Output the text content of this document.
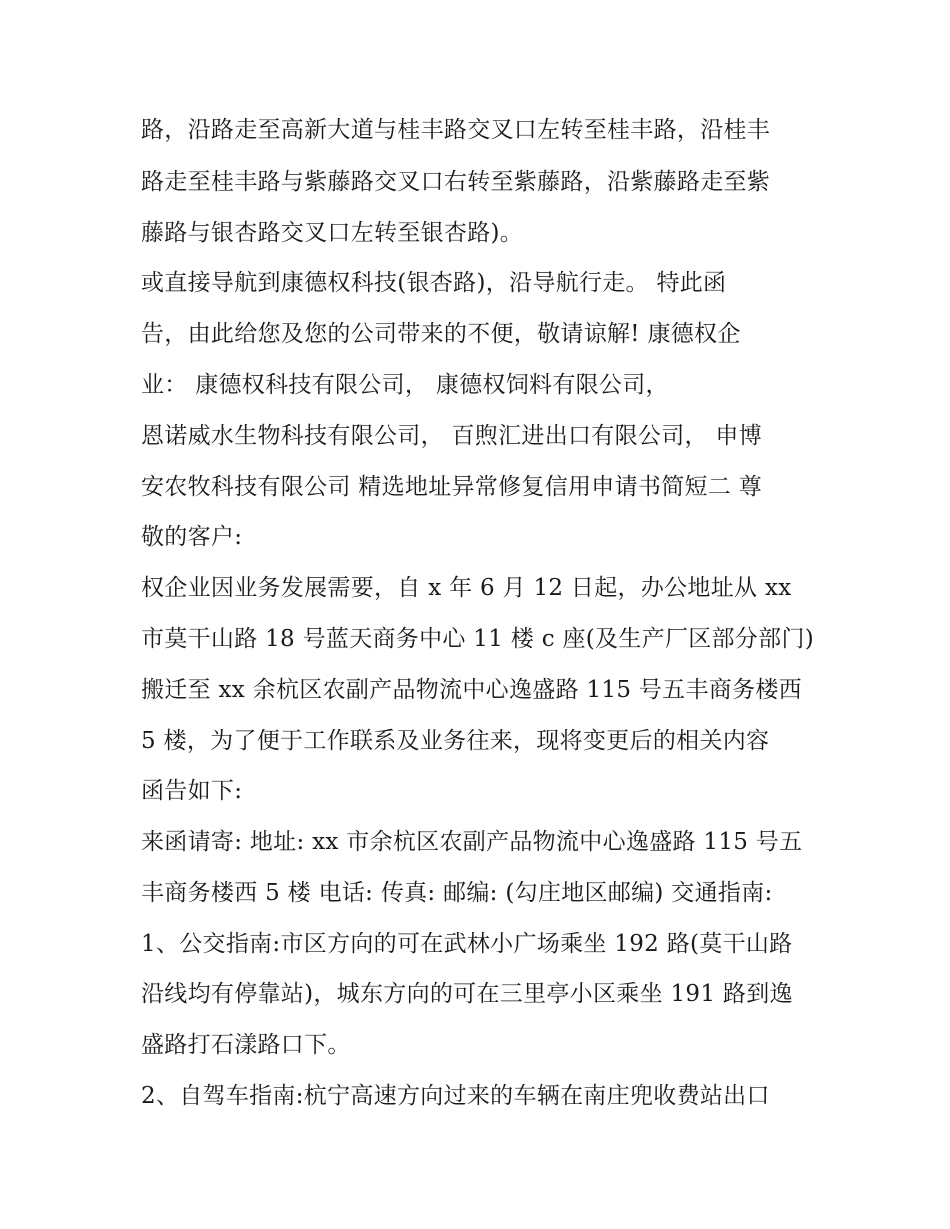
路，沿路走至高新大道与桂丰路交叉口左转至桂丰路，沿桂丰
路走至桂丰路与紫藤路交叉口右转至紫藤路，沿紫藤路走至紫
藤路与银杏路交叉口左转至银杏路)。
或直接导航到康德权科技(银杏路)，沿导航行走。 特此函
告，由此给您及您的公司带来的不便，敬请谅解! 康德权企
业： 康德权科技有限公司， 康德权饲料有限公司，
恩诺威水生物科技有限公司， 百煦汇进出口有限公司， 申博
安农牧科技有限公司 精选地址异常修复信用申请书简短二 尊
敬的客户:
权企业因业务发展需要，自 x 年 6 月 12 日起，办公地址从 xx
市莫干山路 18 号蓝天商务中心 11 楼 c 座(及生产厂区部分部门)
搬迁至 xx 余杭区农副产品物流中心逸盛路 115 号五丰商务楼西
5 楼，为了便于工作联系及业务往来，现将变更后的相关内容
函告如下:
来函请寄: 地址: xx 市余杭区农副产品物流中心逸盛路 115 号五
丰商务楼西 5 楼 电话: 传真: 邮编: (勾庄地区邮编) 交通指南:
1、公交指南:市区方向的可在武林小广场乘坐 192 路(莫干山路
沿线均有停靠站)，城东方向的可在三里亭小区乘坐 191 路到逸
盛路打石漾路口下。
2、自驾车指南:杭宁高速方向过来的车辆在南庄兜收费站出口
